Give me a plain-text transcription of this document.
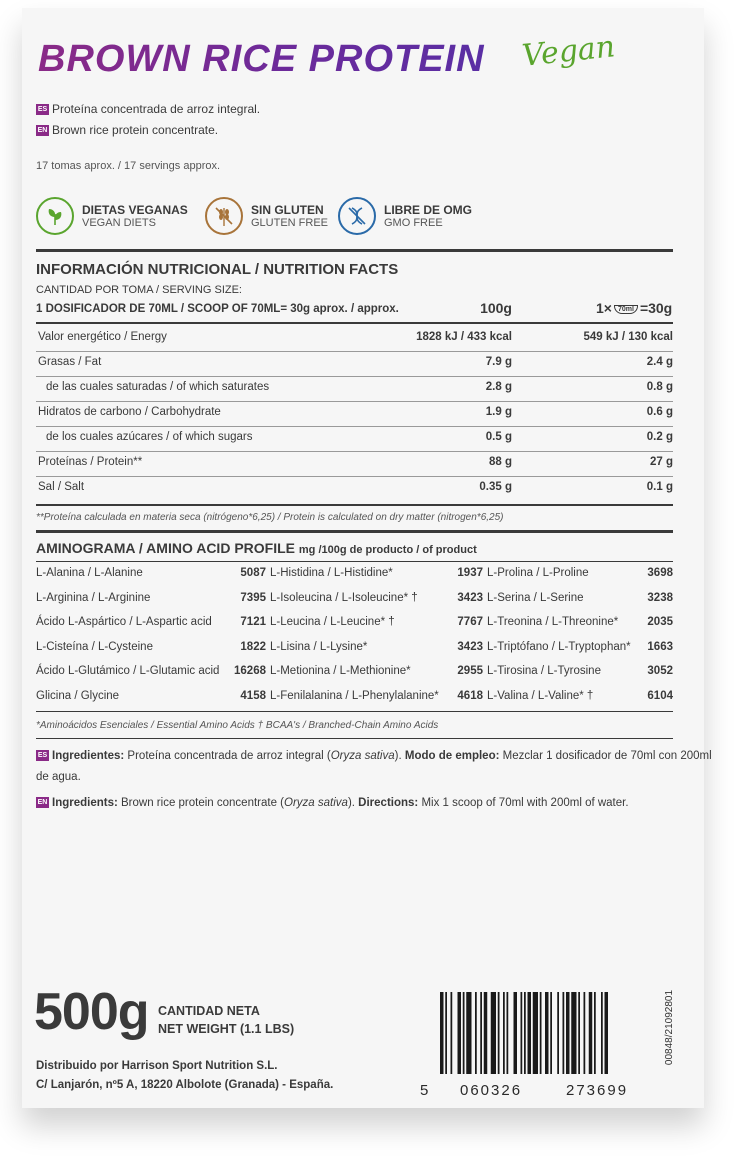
BROWN RICE PROTEIN Vegan
ES Proteína concentrada de arroz integral.
EN Brown rice protein concentrate.
17 tomas aprox. / 17 servings approx.
DIETAS VEGANAS
VEGAN DIETS
SIN GLUTEN
GLUTEN FREE
LIBRE DE OMG
GMO FREE
INFORMACIÓN NUTRICIONAL / NUTRITION FACTS
CANTIDAD POR TOMA / SERVING SIZE:
1 DOSIFICADOR DE 70ML / SCOOP OF 70ML= 30g aprox. / approx.	100g	1× 70ml =30g
Valor energético / Energy	1828 kJ / 433 kcal	549 kJ / 130 kcal
Grasas / Fat	7.9 g	2.4 g
de las cuales saturadas / of which saturates	2.8 g	0.8 g
Hidratos de carbono / Carbohydrate	1.9 g	0.6 g
de los cuales azúcares / of which sugars	0.5 g	0.2 g
Proteínas / Protein**	88 g	27 g
Sal / Salt	0.35 g	0.1 g
**Proteína calculada en materia seca (nitrógeno*6,25) / Protein is calculated on dry matter (nitrogen*6,25)
AMINOGRAMA / AMINO ACID PROFILE mg /100g de producto / of product
L-Alanina / L-Alanine	5087 L-Histidina / L-Histidine*	1937 L-Prolina / L-Proline	3698
L-Arginina / L-Arginine	7395 L-Isoleucina / L-Isoleucine* †	3423 L-Serina / L-Serine	3238
Ácido L-Aspártico / L-Aspartic acid	7121 L-Leucina / L-Leucine* †	7767 L-Treonina / L-Threonine*	2035
L-Cisteína / L-Cysteine	1822 L-Lisina / L-Lysine*	3423 L-Triptófano / L-Tryptophan*	1663
Ácido L-Glutámico / L-Glutamic acid	16268 L-Metionina / L-Methionine*	2955 L-Tirosina / L-Tyrosine	3052
Glicina / Glycine	4158 L-Fenilalanina / L-Phenylalanine*	4618 L-Valina / L-Valine* †	6104
*Aminoácidos Esenciales / Essential Amino Acids † BCAA's / Branched-Chain Amino Acids
ES Ingredientes: Proteína concentrada de arroz integral (Oryza sativa). Modo de empleo: Mezclar 1 dosificador de 70ml con 200ml
de agua.
EN Ingredients: Brown rice protein concentrate (Oryza sativa). Directions: Mix 1 scoop of 70ml with 200ml of water.
500g CANTIDAD NETA
NET WEIGHT (1.1 LBS)
Distribuido por Harrison Sport Nutrition S.L.
C/ Lanjarón, nº5 A, 18220 Albolote (Granada) - España.	5 060326	273699
00848/21092801
